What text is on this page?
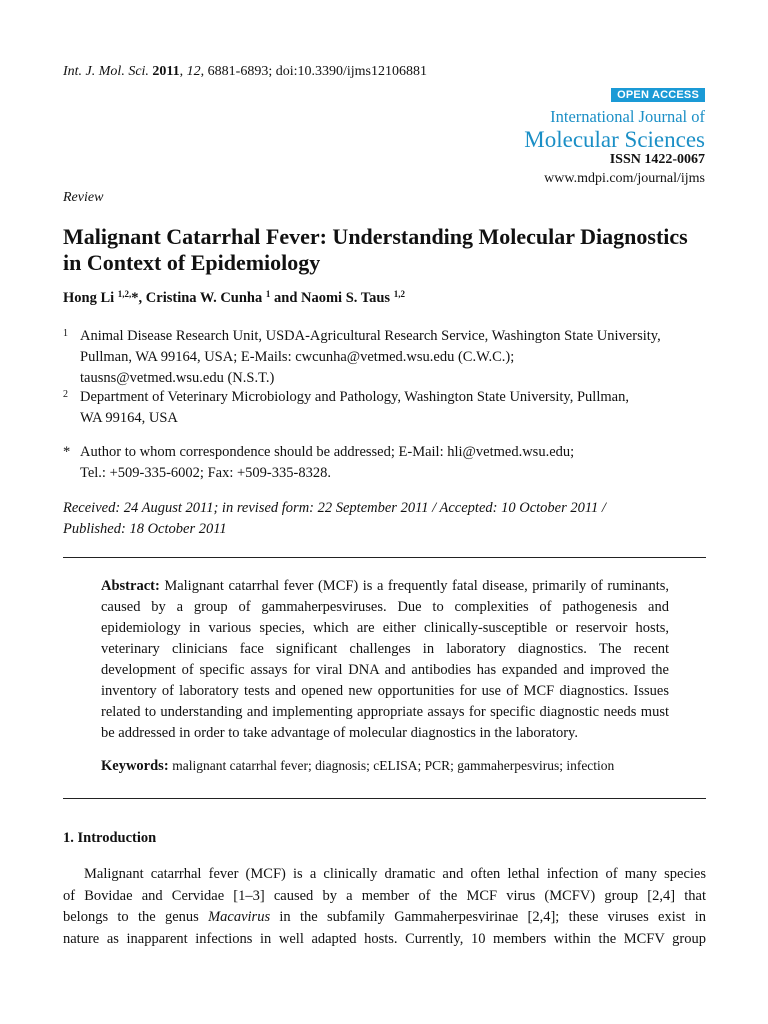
Int. J. Mol. Sci. 2011, 12, 6881-6893; doi:10.3390/ijms12106881
OPEN ACCESS
International Journal of
Molecular Sciences
ISSN 1422-0067
www.mdpi.com/journal/ijms
Review
Malignant Catarrhal Fever: Understanding Molecular Diagnostics in Context of Epidemiology
Hong Li $^{1,2,}$*, Cristina W. Cunha $^1$ and Naomi S. Taus $^{1,2}$
1 Animal Disease Research Unit, USDA-Agricultural Research Service, Washington State University,
Pullman, WA 99164, USA; E-Mails: cwcunha@vetmed.wsu.edu (C.W.C.);
tausns@vetmed.wsu.edu (N.S.T.)
2 Department of Veterinary Microbiology and Pathology, Washington State University, Pullman,
WA 99164, USA
* Author to whom correspondence should be addressed; E-Mail: hli@vetmed.wsu.edu;
Tel.: +509-335-6002; Fax: +509-335-8328.
Received: 24 August 2011; in revised form: 22 September 2011 / Accepted: 10 October 2011 /
Published: 18 October 2011
Abstract: Malignant catarrhal fever (MCF) is a frequently fatal disease, primarily of ruminants, caused by a group of gammaherpesviruses. Due to complexities of pathogenesis and epidemiology in various species, which are either clinically-susceptible or reservoir hosts, veterinary clinicians face significant challenges in laboratory diagnostics. The recent development of specific assays for viral DNA and antibodies has expanded and improved the inventory of laboratory tests and opened new opportunities for use of MCF diagnostics. Issues related to understanding and implementing appropriate assays for specific diagnostic needs must be addressed in order to take advantage of molecular diagnostics in the laboratory.
Keywords: malignant catarrhal fever; diagnosis; cELISA; PCR; gammaherpesvirus; infection
1. Introduction
Malignant catarrhal fever (MCF) is a clinically dramatic and often lethal infection of many species
of Bovidae and Cervidae [1–3] caused by a member of the MCF virus (MCFV) group [2,4] that
belongs to the genus Macavirus in the subfamily Gammaherpesvirinae [2,4]; these viruses exist in
nature as inapparent infections in well adapted hosts. Currently, 10 members within the MCFV group
